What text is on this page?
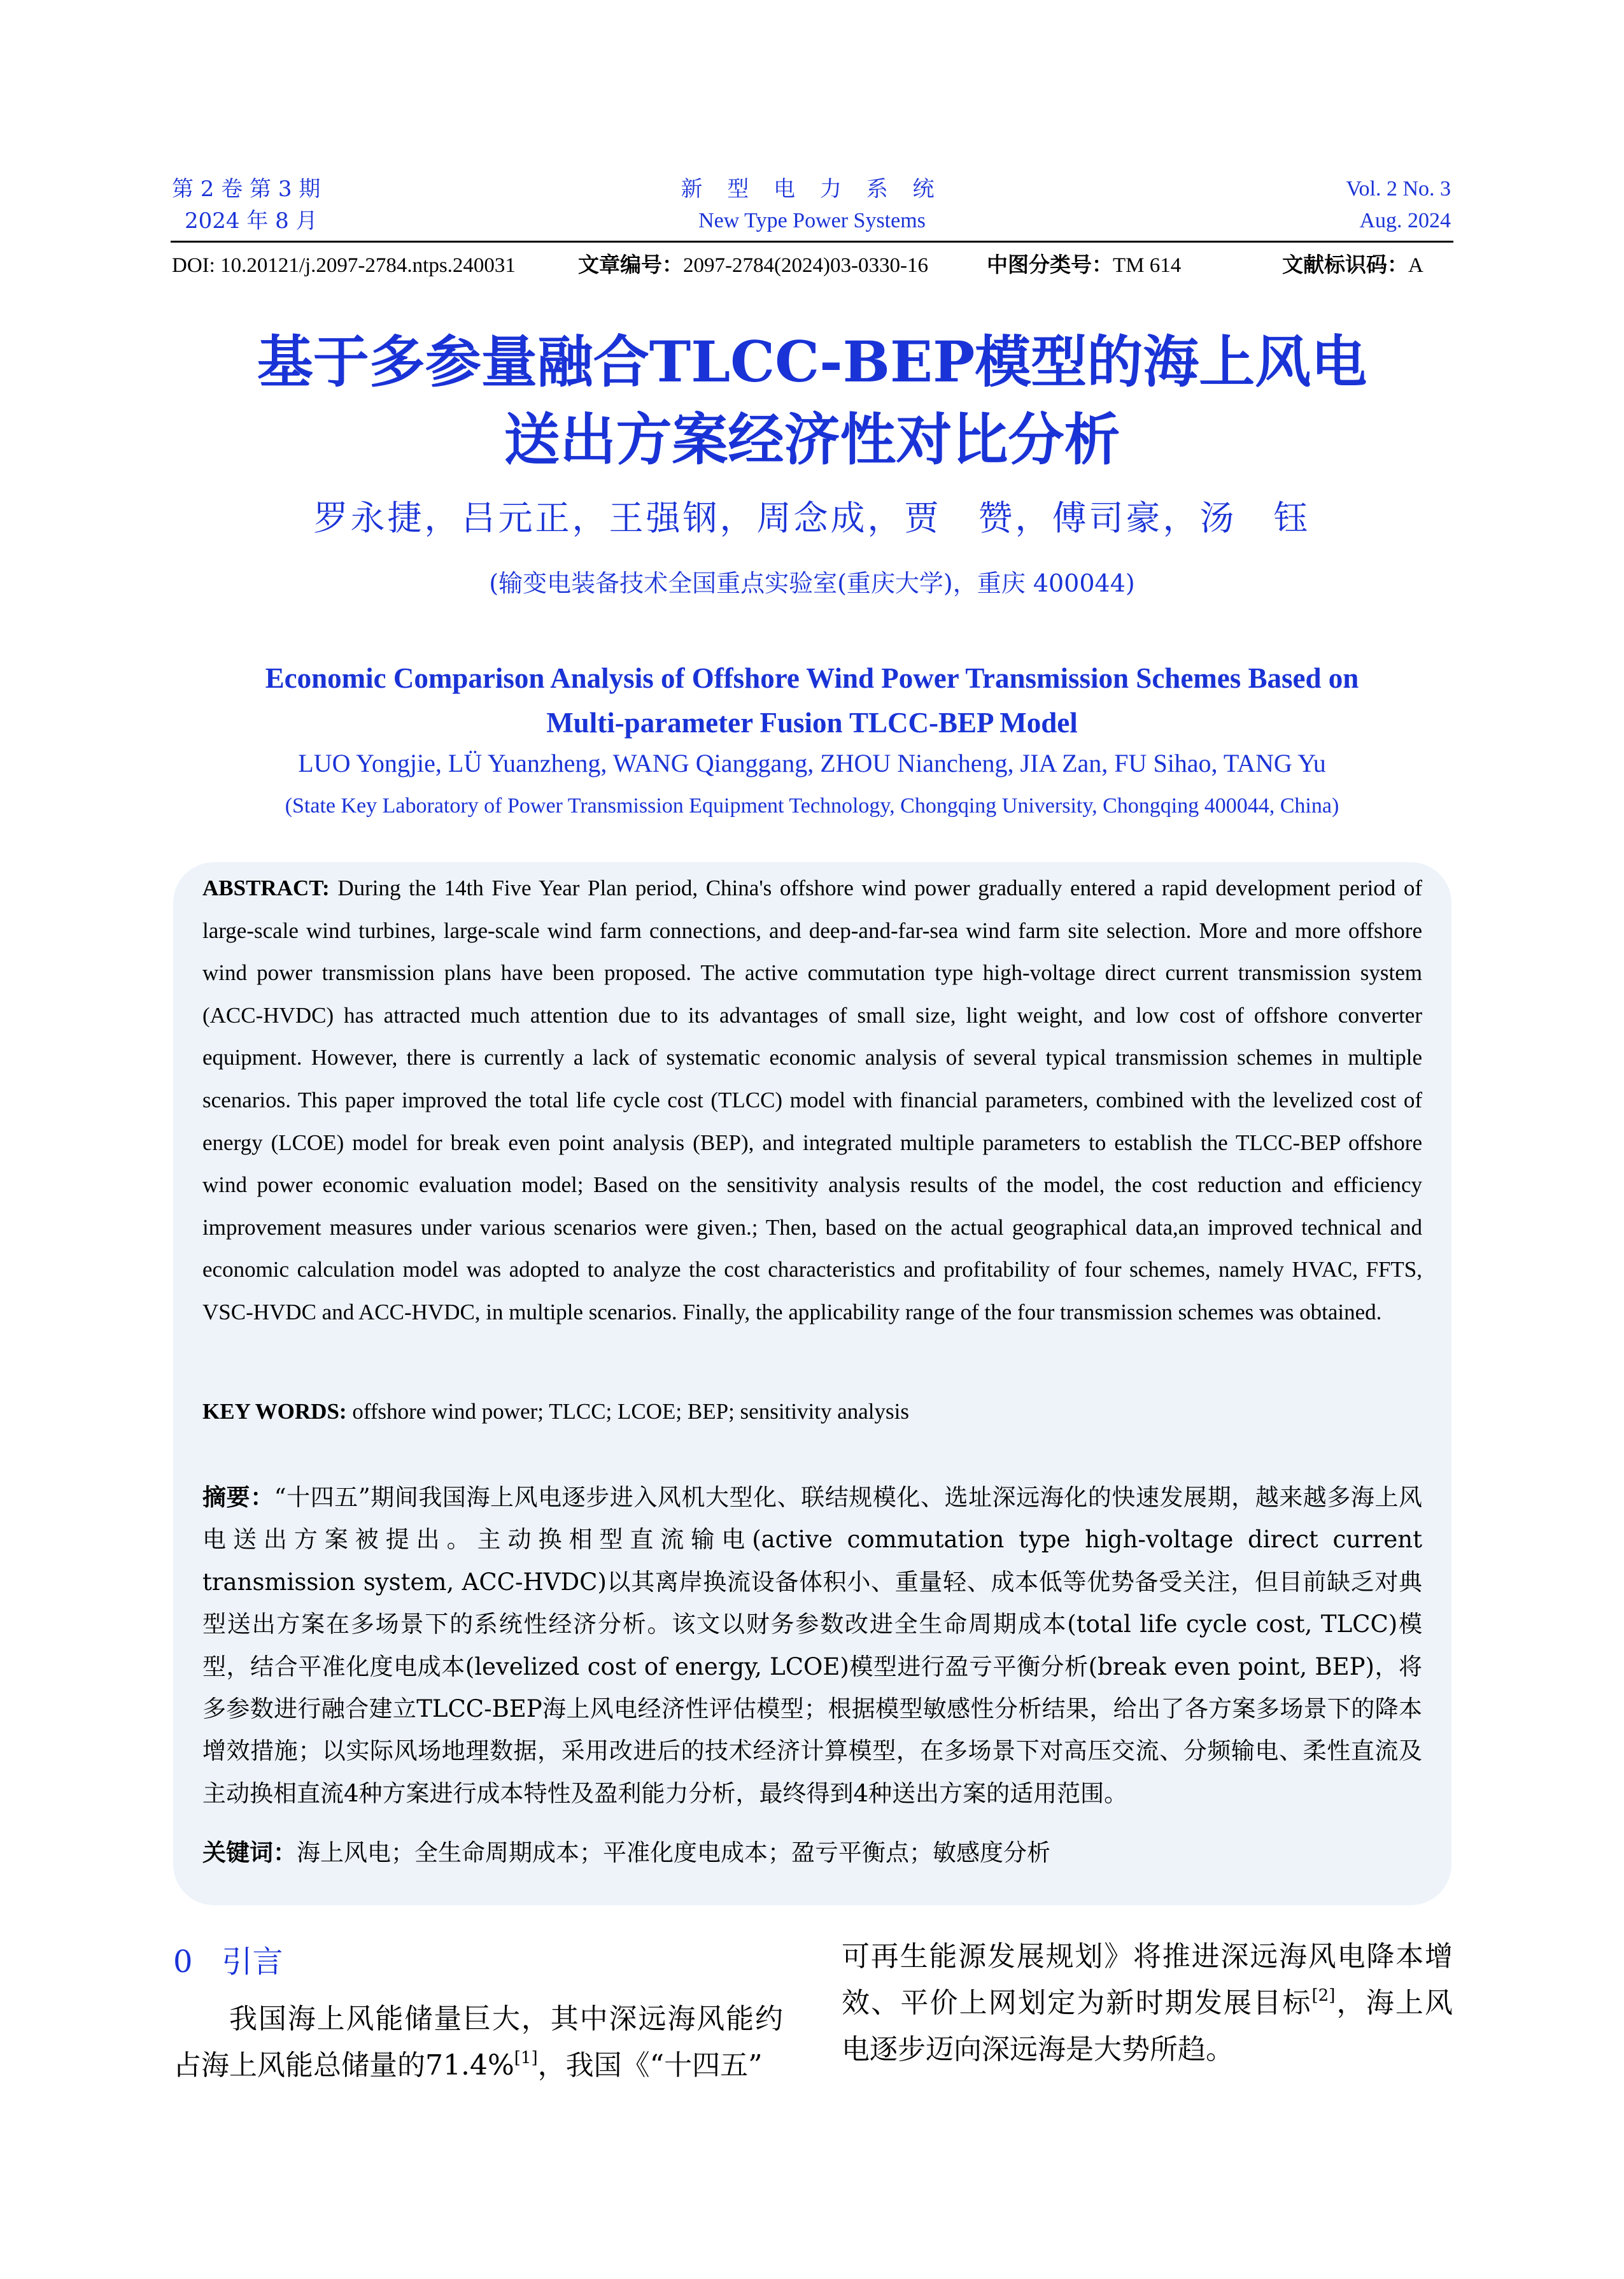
第 2 卷 第 3 期
2024 年 8 月
新 型 电 力 系 统
New Type Power Systems
Vol. 2 No. 3
Aug. 2024
DOI: 10.20121/j.2097-2784.ntps.240031	文章编号：2097-2784(2024)03-0330-16	中图分类号：TM 614	文献标识码：A
基于多参量融合TLCC-BEP模型的海上风电
送出方案经济性对比分析
罗永捷，吕元正，王强钢，周念成，贾　赞，傅司豪，汤　钰
(输变电装备技术全国重点实验室(重庆大学)，重庆 400044)
Economic Comparison Analysis of Offshore Wind Power Transmission Schemes Based on
Multi-parameter Fusion TLCC-BEP Model
LUO Yongjie, LÜ Yuanzheng, WANG Qianggang, ZHOU Niancheng, JIA Zan, FU Sihao, TANG Yu
(State Key Laboratory of Power Transmission Equipment Technology, Chongqing University, Chongqing 400044, China)
ABSTRACT: During the 14th Five Year Plan period, China's offshore wind power gradually entered a rapid development period of large-scale wind turbines, large-scale wind farm connections, and deep-and-far-sea wind farm site selection. More and more offshore wind power transmission plans have been proposed. The active commutation type high-voltage direct current transmission system (ACC-HVDC) has attracted much attention due to its advantages of small size, light weight, and low cost of offshore converter equipment. However, there is currently a lack of systematic economic analysis of several typical transmission schemes in multiple scenarios. This paper improved the total life cycle cost (TLCC) model with financial parameters, combined with the levelized cost of energy (LCOE) model for break even point analysis (BEP), and integrated multiple parameters to establish the TLCC-BEP offshore wind power economic evaluation model; Based on the sensitivity analysis results of the model, the cost reduction and efficiency improvement measures under various scenarios were given.; Then, based on the actual geographical data,an improved technical and economic calculation model was adopted to analyze the cost characteristics and profitability of four schemes, namely HVAC, FFTS, VSC-HVDC and ACC-HVDC, in multiple scenarios. Finally, the applicability range of the four transmission schemes was obtained.
KEY WORDS: offshore wind power; TLCC; LCOE; BEP; sensitivity analysis
摘要：“十四五”期间我国海上风电逐步进入风机大型化、联结规模化、选址深远海化的快速发展期，越来越多海上风电送出方案被提出。主动换相型直流输电(active commutation type high-voltage direct current transmission system, ACC-HVDC)以其离岸换流设备体积小、重量轻、成本低等优势备受关注，但目前缺乏对典型送出方案在多场景下的系统性经济分析。该文以财务参数改进全生命周期成本(total life cycle cost, TLCC)模型，结合平准化度电成本(levelized cost of energy, LCOE)模型进行盈亏平衡分析(break even point, BEP)，将多参数进行融合建立TLCC-BEP海上风电经济性评估模型；根据模型敏感性分析结果，给出了各方案多场景下的降本增效措施；以实际风场地理数据，采用改进后的技术经济计算模型，在多场景下对高压交流、分频输电、柔性直流及主动换相直流4种方案进行成本特性及盈利能力分析，最终得到4种送出方案的适用范围。
关键词：海上风电；全生命周期成本；平准化度电成本；盈亏平衡点；敏感度分析
0 引言
我国海上风能储量巨大，其中深远海风能约占海上风能总储量的71.4%[1]，我国《“十四五”
可再生能源发展规划》将推进深远海风电降本增效、平价上网划定为新时期发展目标[2]，海上风电逐步迈向深远海是大势所趋。
